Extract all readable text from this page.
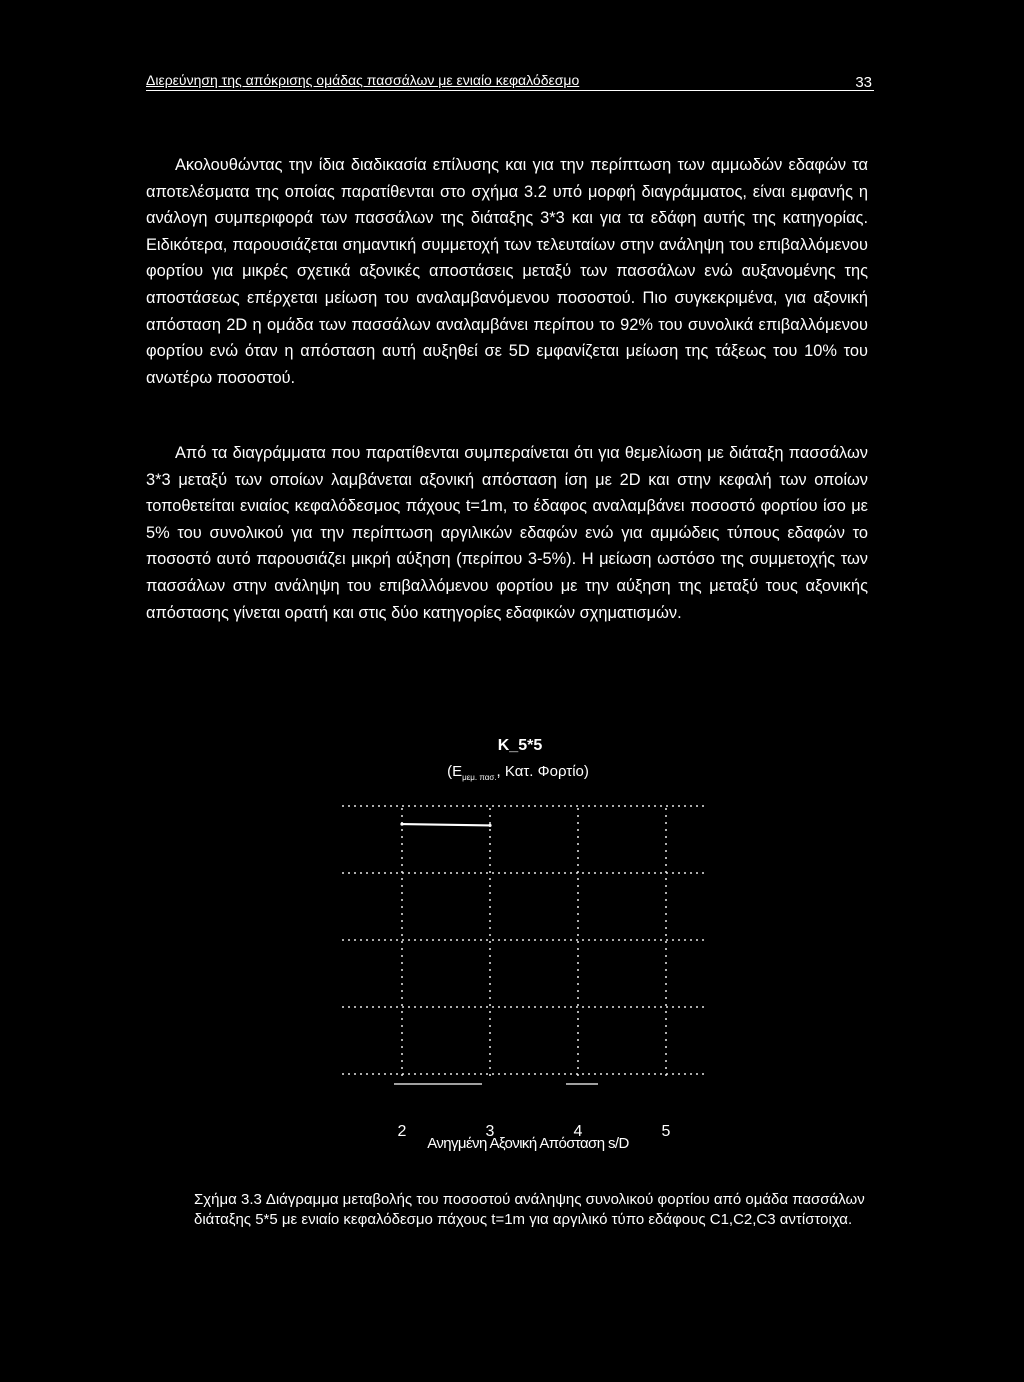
Διερεύνηση της απόκρισης ομάδας πασσάλων με ενιαίο κεφαλόδεσμο	33

Ακολουθώντας την ίδια διαδικασία επίλυσης και για την περίπτωση των αμμωδών εδαφών τα αποτελέσματα της οποίας παρατίθενται στο σχήμα 3.2 υπό μορφή διαγράμματος, είναι εμφανής η ανάλογη συμπεριφορά των πασσάλων της διάταξης 3*3 και για τα εδάφη αυτής της κατηγορίας. Ειδικότερα, παρουσιάζεται σημαντική συμμετοχή των τελευταίων στην ανάληψη του επιβαλλόμενου φορτίου για μικρές σχετικά αξονικές αποστάσεις μεταξύ των πασσάλων ενώ αυξανομένης της αποστάσεως επέρχεται μείωση του αναλαμβανόμενου ποσοστού. Πιο συγκεκριμένα, για αξονική απόσταση 2D η ομάδα των πασσάλων αναλαμβάνει περίπου το 92% του συνολικά επιβαλλόμενου φορτίου ενώ όταν η απόσταση αυτή αυξηθεί σε 5D εμφανίζεται μείωση της τάξεως του 10% του ανωτέρω ποσοστού.

Από τα διαγράμματα που παρατίθενται συμπεραίνεται ότι για θεμελίωση με διάταξη πασσάλων 3*3 μεταξύ των οποίων λαμβάνεται αξονική απόσταση ίση με 2D και στην κεφαλή των οποίων τοποθετείται ενιαίος κεφαλόδεσμος πάχους t=1m, το έδαφος αναλαμβάνει ποσοστό φορτίου ίσο με 5% του συνολικού για την περίπτωση αργιλικών εδαφών ενώ για αμμώδεις τύπους εδαφών το ποσοστό αυτό παρουσιάζει μικρή αύξηση (περίπου 3-5%). Η μείωση ωστόσο της συμμετοχής των πασσάλων στην ανάληψη του επιβαλλόμενου φορτίου με την αύξηση της μεταξύ τους αξονικής απόστασης γίνεται ορατή και στις δύο κατηγορίες εδαφικών σχηματισμών.

K_5*5
($E_{\mu\varepsilon\mu. \pi\alpha\sigma.}$, Κατ. Φορτίο)
2	3	4	5
Ανηγμένη Αξονική Απόσταση s/D
Σχήμα 3.3 Διάγραμμα μεταβολής του ποσοστού ανάληψης συνολικού φορτίου από ομάδα πασσάλων διάταξης 5*5 με ενιαίο κεφαλόδεσμο πάχους t=1m για αργιλικό τύπο εδάφους C1,C2,C3 αντίστοιχα.
